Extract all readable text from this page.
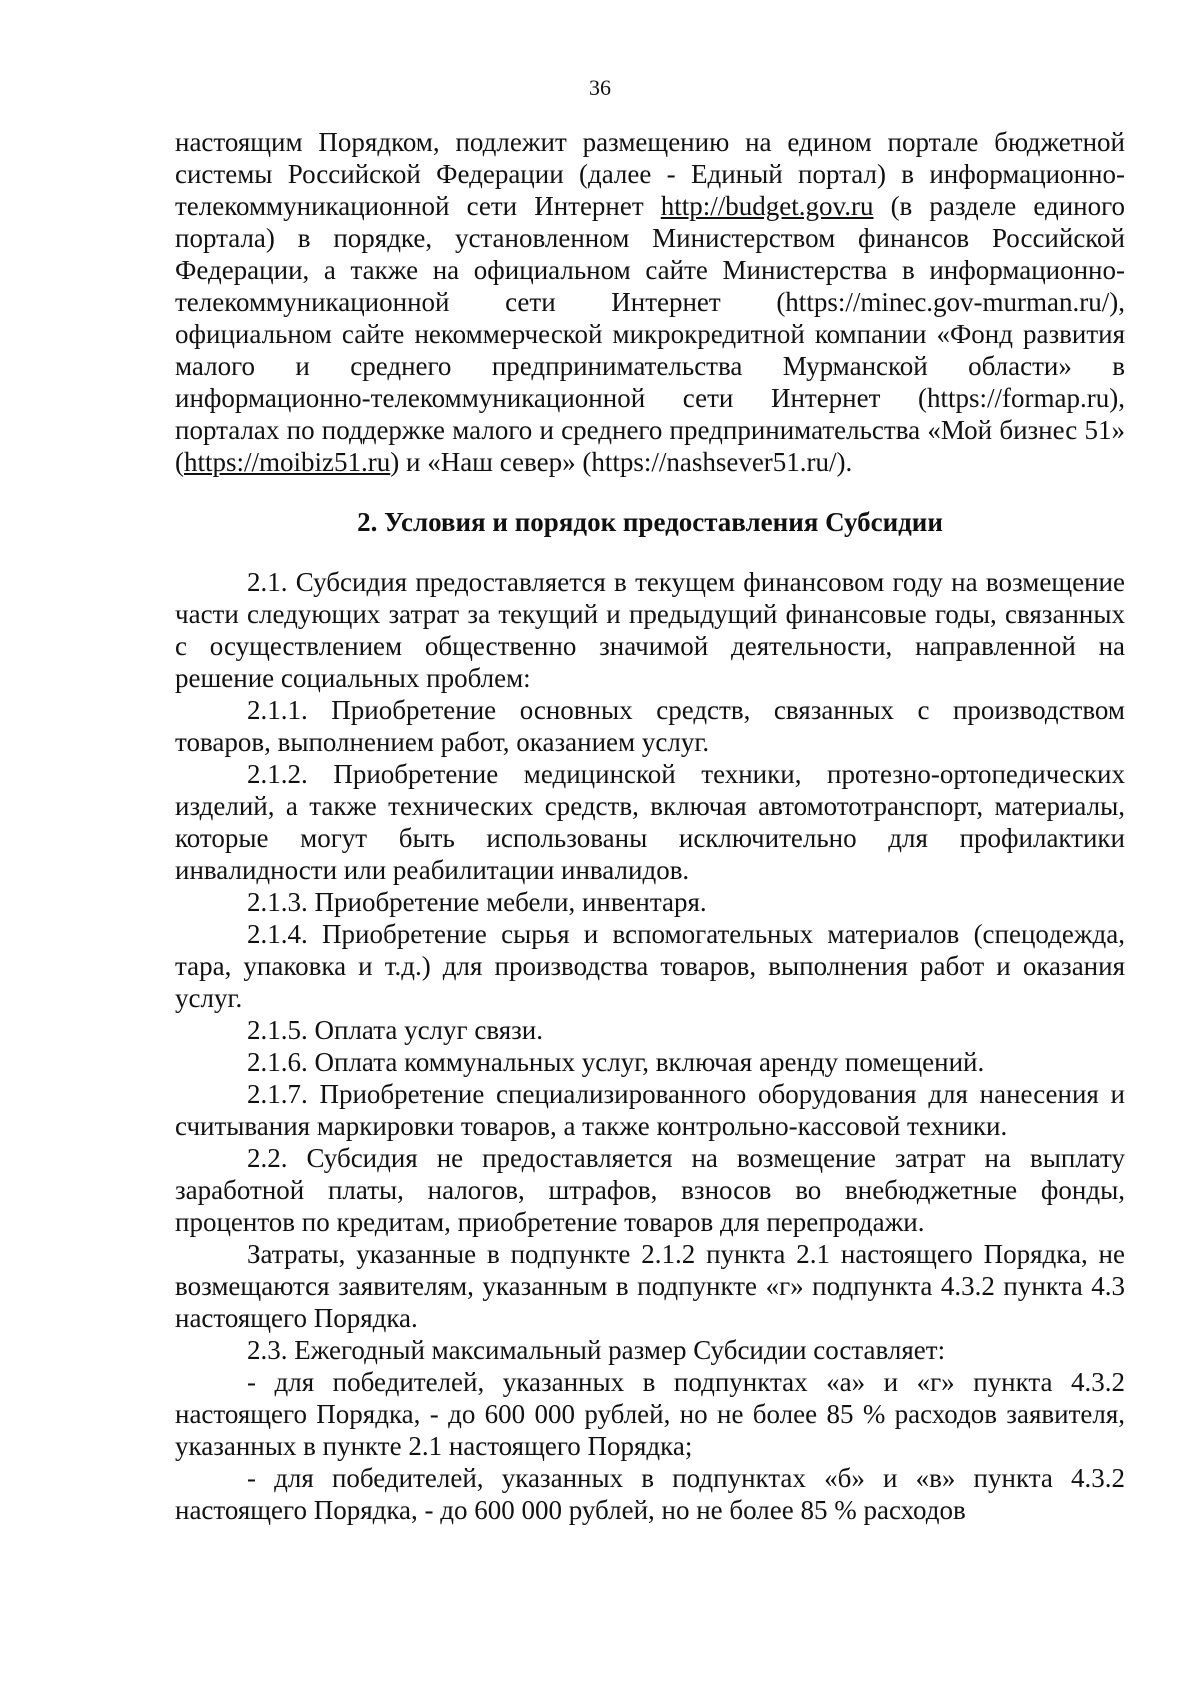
36

настоящим Порядком, подлежит размещению на едином портале бюджетной системы Российской Федерации (далее - Единый портал) в информационно-телекоммуникационной сети Интернет http://budget.gov.ru (в разделе единого портала) в порядке, установленном Министерством финансов Российской Федерации, а также на официальном сайте Министерства в информационно-телекоммуникационной сети Интернет (https://minec.gov-murman.ru/), официальном сайте некоммерческой микрокредитной компании «Фонд развития малого и среднего предпринимательства Мурманской области» в информационно-телекоммуникационной сети Интернет (https://formap.ru), порталах по поддержке малого и среднего предпринимательства «Мой бизнес 51» (https://moibiz51.ru) и «Наш север» (https://nashsever51.ru/).

2. Условия и порядок предоставления Субсидии

2.1. Субсидия предоставляется в текущем финансовом году на возмещение части следующих затрат за текущий и предыдущий финансовые годы, связанных с осуществлением общественно значимой деятельности, направленной на решение социальных проблем:

2.1.1. Приобретение основных средств, связанных с производством товаров, выполнением работ, оказанием услуг.

2.1.2. Приобретение медицинской техники, протезно-ортопедических изделий, а также технических средств, включая автомототранспорт, материалы, которые могут быть использованы исключительно для профилактики инвалидности или реабилитации инвалидов.

2.1.3. Приобретение мебели, инвентаря.

2.1.4. Приобретение сырья и вспомогательных материалов (спецодежда, тара, упаковка и т.д.) для производства товаров, выполнения работ и оказания услуг.

2.1.5. Оплата услуг связи.

2.1.6. Оплата коммунальных услуг, включая аренду помещений.

2.1.7. Приобретение специализированного оборудования для нанесения и считывания маркировки товаров, а также контрольно-кассовой техники.

2.2. Субсидия не предоставляется на возмещение затрат на выплату заработной платы, налогов, штрафов, взносов во внебюджетные фонды, процентов по кредитам, приобретение товаров для перепродажи.

Затраты, указанные в подпункте 2.1.2 пункта 2.1 настоящего Порядка, не возмещаются заявителям, указанным в подпункте «г» подпункта 4.3.2 пункта 4.3 настоящего Порядка.

2.3. Ежегодный максимальный размер Субсидии составляет:

- для победителей, указанных в подпунктах «а» и «г» пункта 4.3.2 настоящего Порядка, - до 600 000 рублей, но не более 85 % расходов заявителя, указанных в пункте 2.1 настоящего Порядка;

- для победителей, указанных в подпунктах «б» и «в» пункта 4.3.2 настоящего Порядка, - до 600 000 рублей, но не более 85 % расходов
